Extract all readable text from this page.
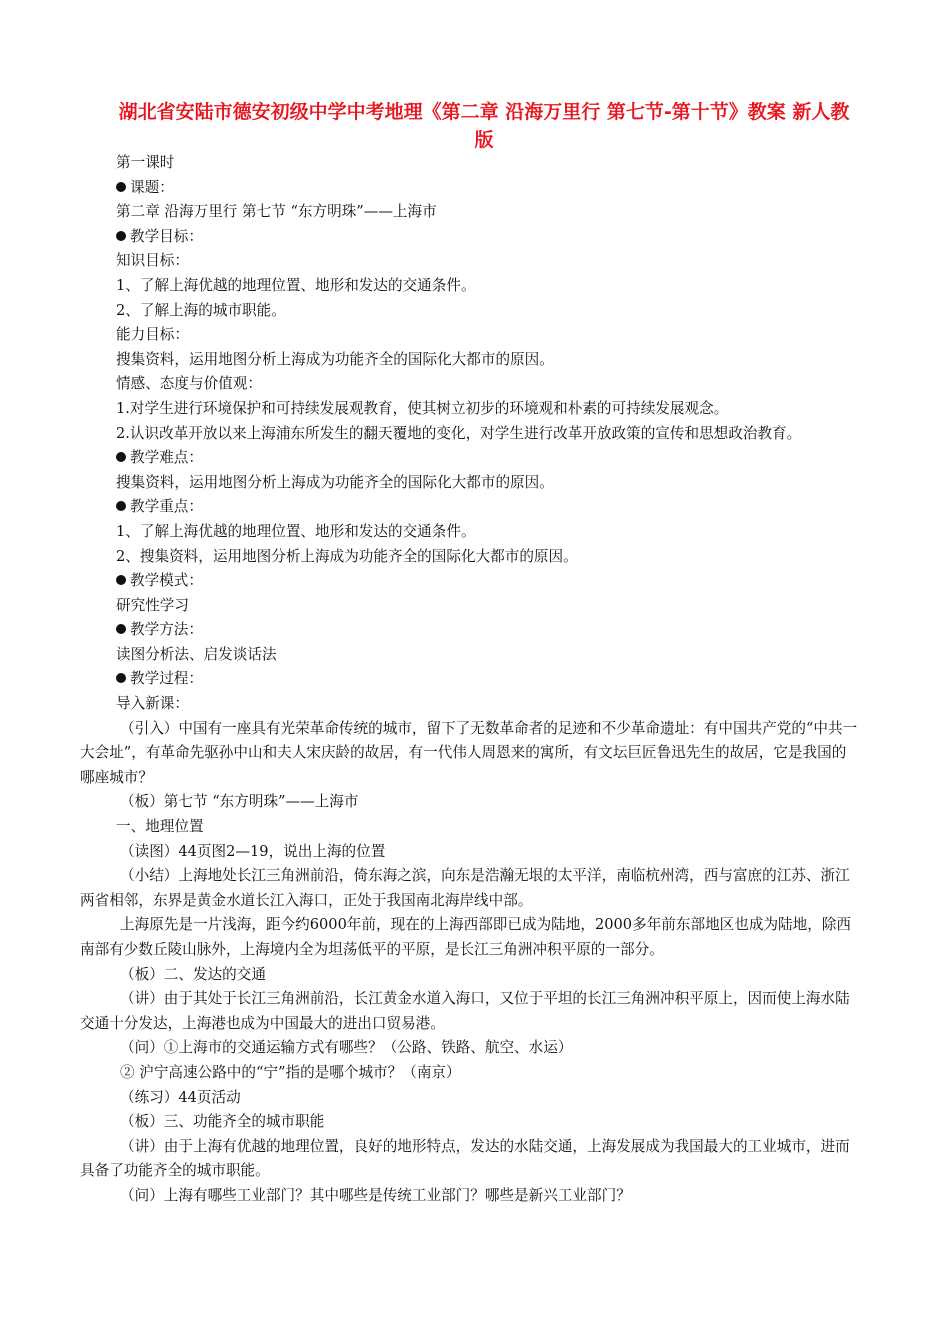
湖北省安陆市德安初级中学中考地理《第二章 沿海万里行 第七节-第十节》教案 新人教版
第一课时
课题：
第二章 沿海万里行 第七节 “东方明珠”——上海市
教学目标：
知识目标：
1、了解上海优越的地理位置、地形和发达的交通条件。
2、了解上海的城市职能。
能力目标：
搜集资料，运用地图分析上海成为功能齐全的国际化大都市的原因。
情感、态度与价值观：
1.对学生进行环境保护和可持续发展观教育，使其树立初步的环境观和朴素的可持续发展观念。
2.认识改革开放以来上海浦东所发生的翻天覆地的变化，对学生进行改革开放政策的宣传和思想政治教育。
教学难点：
搜集资料，运用地图分析上海成为功能齐全的国际化大都市的原因。
教学重点：
1、了解上海优越的地理位置、地形和发达的交通条件。
2、搜集资料，运用地图分析上海成为功能齐全的国际化大都市的原因。
教学模式：
研究性学习
教学方法：
读图分析法、启发谈话法
教学过程：
导入新课：
（引入）中国有一座具有光荣革命传统的城市，留下了无数革命者的足迹和不少革命遗址：有中国共产党的“中共一大会址”，有革命先驱孙中山和夫人宋庆龄的故居，有一代伟人周恩来的寓所，有文坛巨匠鲁迅先生的故居，它是我国的哪座城市？
（板）第七节 “东方明珠”——上海市
一、地理位置
（读图）44页图2—19，说出上海的位置
（小结）上海地处长江三角洲前沿，倚东海之滨，向东是浩瀚无垠的太平洋，南临杭州湾，西与富庶的江苏、浙江两省相邻，东界是黄金水道长江入海口，正处于我国南北海岸线中部。
上海原先是一片浅海，距今约6000年前，现在的上海西部即已成为陆地，2000多年前东部地区也成为陆地，除西南部有少数丘陵山脉外，上海境内全为坦荡低平的平原，是长江三角洲冲积平原的一部分。
（板）二、发达的交通
（讲）由于其处于长江三角洲前沿，长江黄金水道入海口，又位于平坦的长江三角洲冲积平原上，因而使上海水陆交通十分发达，上海港也成为中国最大的进出口贸易港。
（问）①上海市的交通运输方式有哪些？（公路、铁路、航空、水运）
② 沪宁高速公路中的“宁”指的是哪个城市？（南京）
（练习）44页活动
（板）三、功能齐全的城市职能
（讲）由于上海有优越的地理位置，良好的地形特点，发达的水陆交通，上海发展成为我国最大的工业城市，进而具备了功能齐全的城市职能。
（问）上海有哪些工业部门？其中哪些是传统工业部门？哪些是新兴工业部门？
